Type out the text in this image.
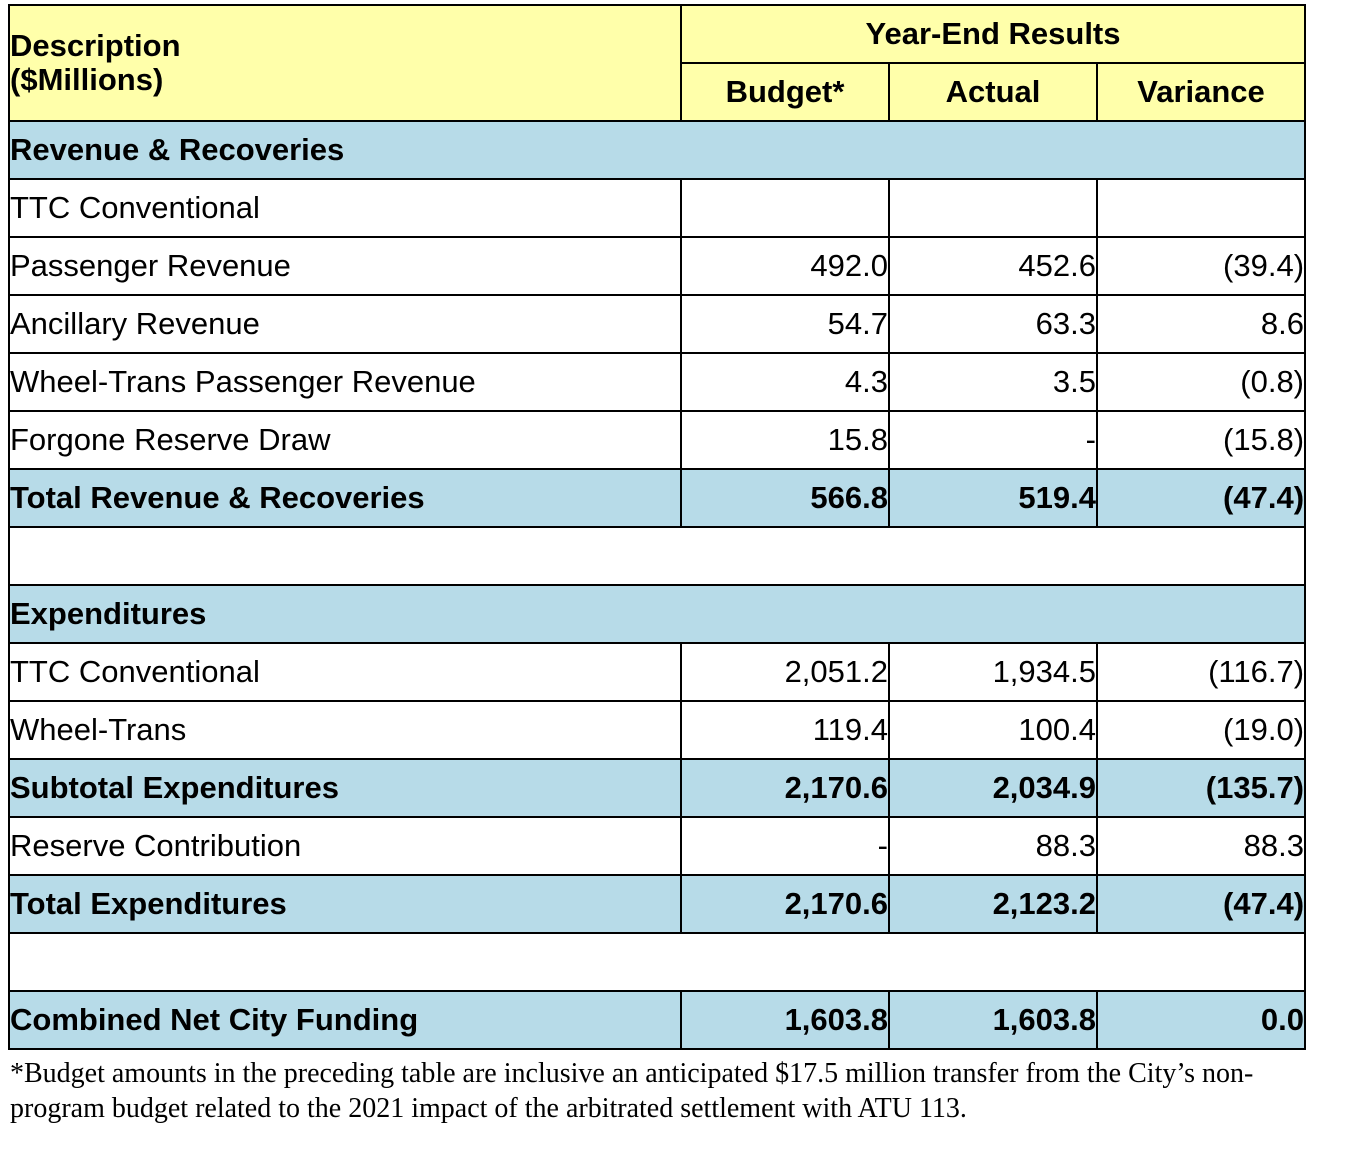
Description
($Millions)	Year-End Results		
	Budget*	Actual	Variance
Revenue & Recoveries			
TTC Conventional			
Passenger Revenue	492.0	452.6	(39.4)
Ancillary Revenue	54.7	63.3	8.6
Wheel-Trans Passenger Revenue	4.3	3.5	(0.8)
Forgone Reserve Draw	15.8	-	(15.8)
Total Revenue & Recoveries	566.8	519.4	(47.4)

Expenditures			
TTC Conventional	2,051.2	1,934.5	(116.7)
Wheel-Trans	119.4	100.4	(19.0)
Subtotal Expenditures	2,170.6	2,034.9	(135.7)
Reserve Contribution	-	88.3	88.3
Total Expenditures	2,170.6	2,123.2	(47.4)

Combined Net City Funding	1,603.8	1,603.8	0.0
*Budget amounts in the preceding table are inclusive an anticipated $17.5 million transfer from the City’s non-program budget related to the 2021 impact of the arbitrated settlement with ATU 113.
